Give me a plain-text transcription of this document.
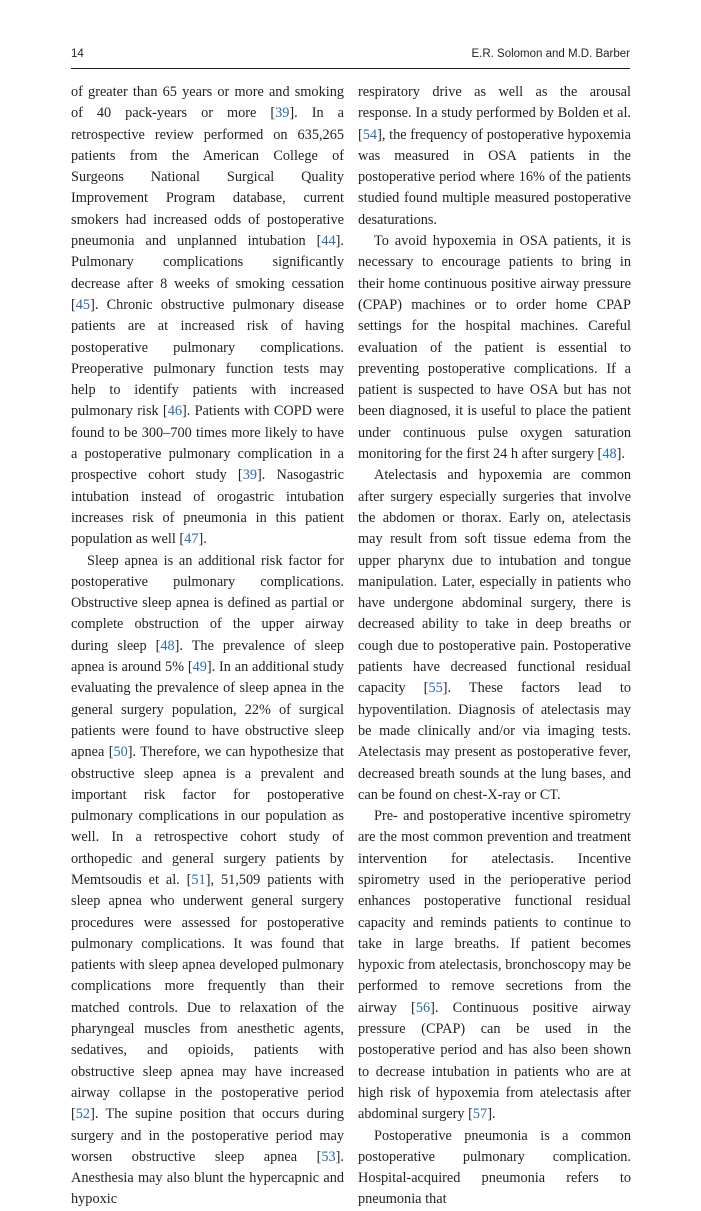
14	E.R. Solomon and M.D. Barber

of greater than 65 years or more and smoking of 40 pack-years or more [39]. In a retrospective review performed on 635,265 patients from the American College of Surgeons National Surgical Quality Improvement Program database, current smokers had increased odds of postoperative pneumonia and unplanned intubation [44]. Pulmonary complications significantly decrease after 8 weeks of smoking cessation [45]. Chronic obstructive pulmonary disease patients are at increased risk of having postoperative pulmonary complications. Preoperative pulmonary function tests may help to identify patients with increased pulmonary risk [46]. Patients with COPD were found to be 300–700 times more likely to have a postoperative pulmonary complication in a prospective cohort study [39]. Nasogastric intubation instead of orogastric intubation increases risk of pneumonia in this patient population as well [47].

Sleep apnea is an additional risk factor for postoperative pulmonary complications. Obstructive sleep apnea is defined as partial or complete obstruction of the upper airway during sleep [48]. The prevalence of sleep apnea is around 5% [49]. In an additional study evaluating the prevalence of sleep apnea in the general surgery population, 22% of surgical patients were found to have obstructive sleep apnea [50]. Therefore, we can hypothesize that obstructive sleep apnea is a prevalent and important risk factor for postoperative pulmonary complications in our population as well. In a retrospective cohort study of orthopedic and general surgery patients by Memtsoudis et al. [51], 51,509 patients with sleep apnea who underwent general surgery procedures were assessed for postoperative pulmonary complications. It was found that patients with sleep apnea developed pulmonary complications more frequently than their matched controls. Due to relaxation of the pharyngeal muscles from anesthetic agents, sedatives, and opioids, patients with obstructive sleep apnea may have increased airway collapse in the postoperative period [52]. The supine position that occurs during surgery and in the postoperative period may worsen obstructive sleep apnea [53]. Anesthesia may also blunt the hypercapnic and hypoxic

respiratory drive as well as the arousal response. In a study performed by Bolden et al. [54], the frequency of postoperative hypoxemia was measured in OSA patients in the postoperative period where 16% of the patients studied found multiple measured postoperative desaturations.

To avoid hypoxemia in OSA patients, it is necessary to encourage patients to bring in their home continuous positive airway pressure (CPAP) machines or to order home CPAP settings for the hospital machines. Careful evaluation of the patient is essential to preventing postoperative complications. If a patient is suspected to have OSA but has not been diagnosed, it is useful to place the patient under continuous pulse oxygen saturation monitoring for the first 24 h after surgery [48].

Atelectasis and hypoxemia are common after surgery especially surgeries that involve the abdomen or thorax. Early on, atelectasis may result from soft tissue edema from the upper pharynx due to intubation and tongue manipulation. Later, especially in patients who have undergone abdominal surgery, there is decreased ability to take in deep breaths or cough due to postoperative pain. Postoperative patients have decreased functional residual capacity [55]. These factors lead to hypoventilation. Diagnosis of atelectasis may be made clinically and/or via imaging tests. Atelectasis may present as postoperative fever, decreased breath sounds at the lung bases, and can be found on chest-X-ray or CT.

Pre- and postoperative incentive spirometry are the most common prevention and treatment intervention for atelectasis. Incentive spirometry used in the perioperative period enhances postoperative functional residual capacity and reminds patients to continue to take in large breaths. If patient becomes hypoxic from atelectasis, bronchoscopy may be performed to remove secretions from the airway [56]. Continuous positive airway pressure (CPAP) can be used in the postoperative period and has also been shown to decrease intubation in patients who are at high risk of hypoxemia from atelectasis after abdominal surgery [57].

Postoperative pneumonia is a common postoperative pulmonary complication. Hospital-acquired pneumonia refers to pneumonia that
